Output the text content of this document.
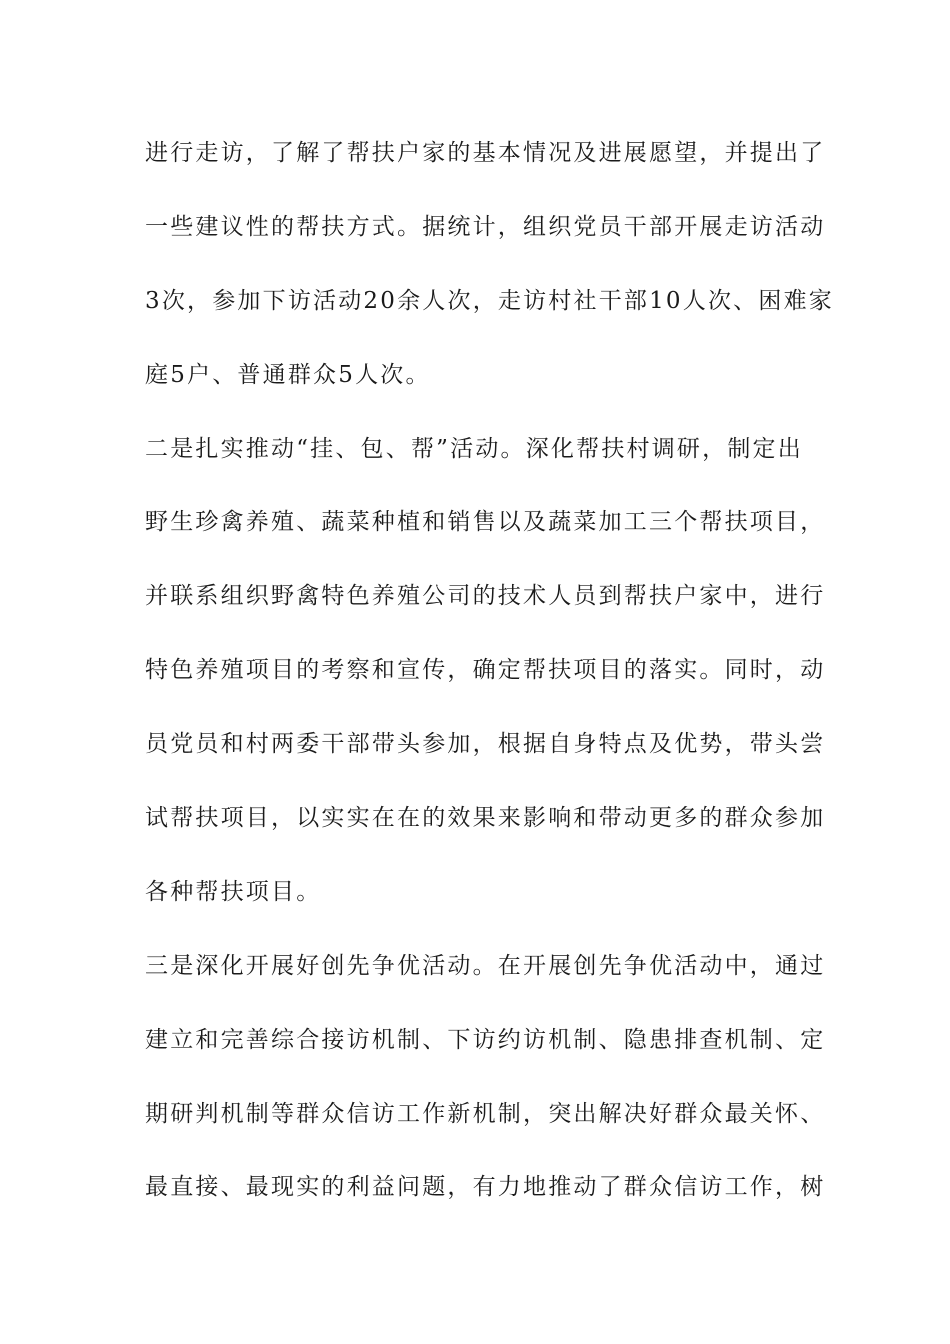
进行走访，了解了帮扶户家的基本情况及进展愿望，并提出了
一些建议性的帮扶方式。据统计，组织党员干部开展走访活动
3次，参加下访活动20余人次，走访村社干部10人次、困难家
庭5户、普通群众5人次。
二是扎实推动“挂、包、帮”活动。深化帮扶村调研，制定出
野生珍禽养殖、蔬菜种植和销售以及蔬菜加工三个帮扶项目，
并联系组织野禽特色养殖公司的技术人员到帮扶户家中，进行
特色养殖项目的考察和宣传，确定帮扶项目的落实。同时，动
员党员和村两委干部带头参加，根据自身特点及优势，带头尝
试帮扶项目，以实实在在的效果来影响和带动更多的群众参加
各种帮扶项目。
三是深化开展好创先争优活动。在开展创先争优活动中，通过
建立和完善综合接访机制、下访约访机制、隐患排查机制、定
期研判机制等群众信访工作新机制，突出解决好群众最关怀、
最直接、最现实的利益问题，有力地推动了群众信访工作，树
